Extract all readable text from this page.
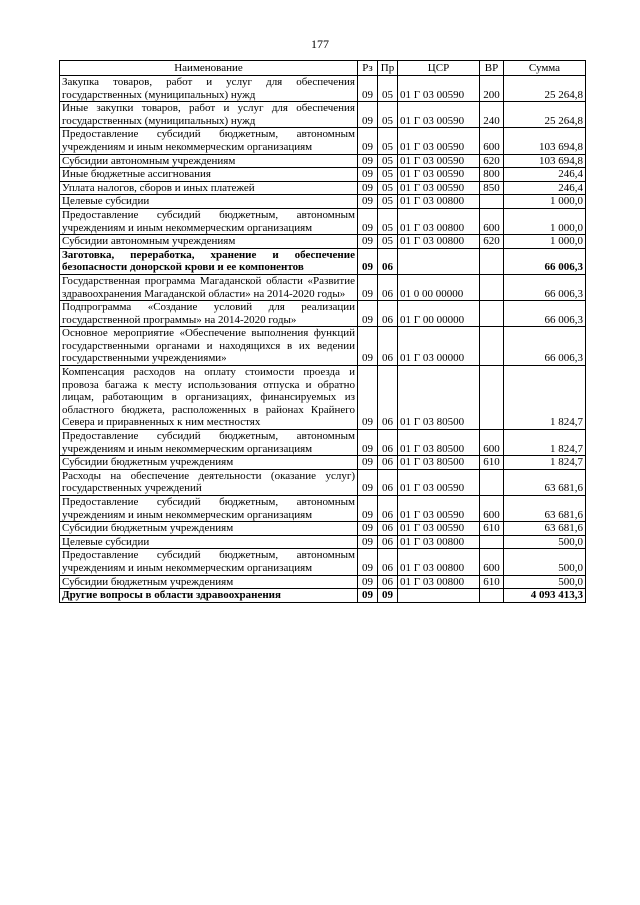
177
Наименование	Рз	Пр	ЦСР	ВР	Сумма
Закупка товаров, работ и услуг для обеспечения государственных (муниципальных) нужд	09	05	01 Г 03 00590	200	25 264,8
Иные закупки товаров, работ и услуг для обеспечения государственных (муниципальных) нужд	09	05	01 Г 03 00590	240	25 264,8
Предоставление субсидий бюджетным, автономным учреждениям и иным некоммерческим организациям	09	05	01 Г 03 00590	600	103 694,8
Субсидии автономным учреждениям	09	05	01 Г 03 00590	620	103 694,8
Иные бюджетные ассигнования	09	05	01 Г 03 00590	800	246,4
Уплата налогов, сборов и иных платежей	09	05	01 Г 03 00590	850	246,4
Целевые субсидии	09	05	01 Г 03 00800		1 000,0
Предоставление субсидий бюджетным, автономным учреждениям и иным некоммерческим организациям	09	05	01 Г 03 00800	600	1 000,0
Субсидии автономным учреждениям	09	05	01 Г 03 00800	620	1 000,0
Заготовка, переработка, хранение и обеспечение безопасности донорской крови и ее компонентов	09	06			66 006,3
Государственная программа Магаданской области «Развитие здравоохранения Магаданской области» на 2014-2020 годы»	09	06	01 0 00 00000		66 006,3
Подпрограмма «Создание условий для реализации государственной программы» на 2014-2020 годы»	09	06	01 Г 00 00000		66 006,3
Основное мероприятие «Обеспечение выполнения функций государственными органами и находящихся в их ведении государственными учреждениями»	09	06	01 Г 03 00000		66 006,3
Компенсация расходов на оплату стоимости проезда и провоза багажа к месту использования отпуска и обратно лицам, работающим в организациях, финансируемых из областного бюджета, расположенных в районах Крайнего Севера и приравненных к ним местностях	09	06	01 Г 03 80500		1 824,7
Предоставление субсидий бюджетным, автономным учреждениям и иным некоммерческим организациям	09	06	01 Г 03 80500	600	1 824,7
Субсидии бюджетным учреждениям	09	06	01 Г 03 80500	610	1 824,7
Расходы на обеспечение деятельности (оказание услуг) государственных учреждений	09	06	01 Г 03 00590		63 681,6
Предоставление субсидий бюджетным, автономным учреждениям и иным некоммерческим организациям	09	06	01 Г 03 00590	600	63 681,6
Субсидии бюджетным учреждениям	09	06	01 Г 03 00590	610	63 681,6
Целевые субсидии	09	06	01 Г 03 00800		500,0
Предоставление субсидий бюджетным, автономным учреждениям и иным некоммерческим организациям	09	06	01 Г 03 00800	600	500,0
Субсидии бюджетным учреждениям	09	06	01 Г 03 00800	610	500,0
Другие вопросы в области здравоохранения	09	09			4 093 413,3
